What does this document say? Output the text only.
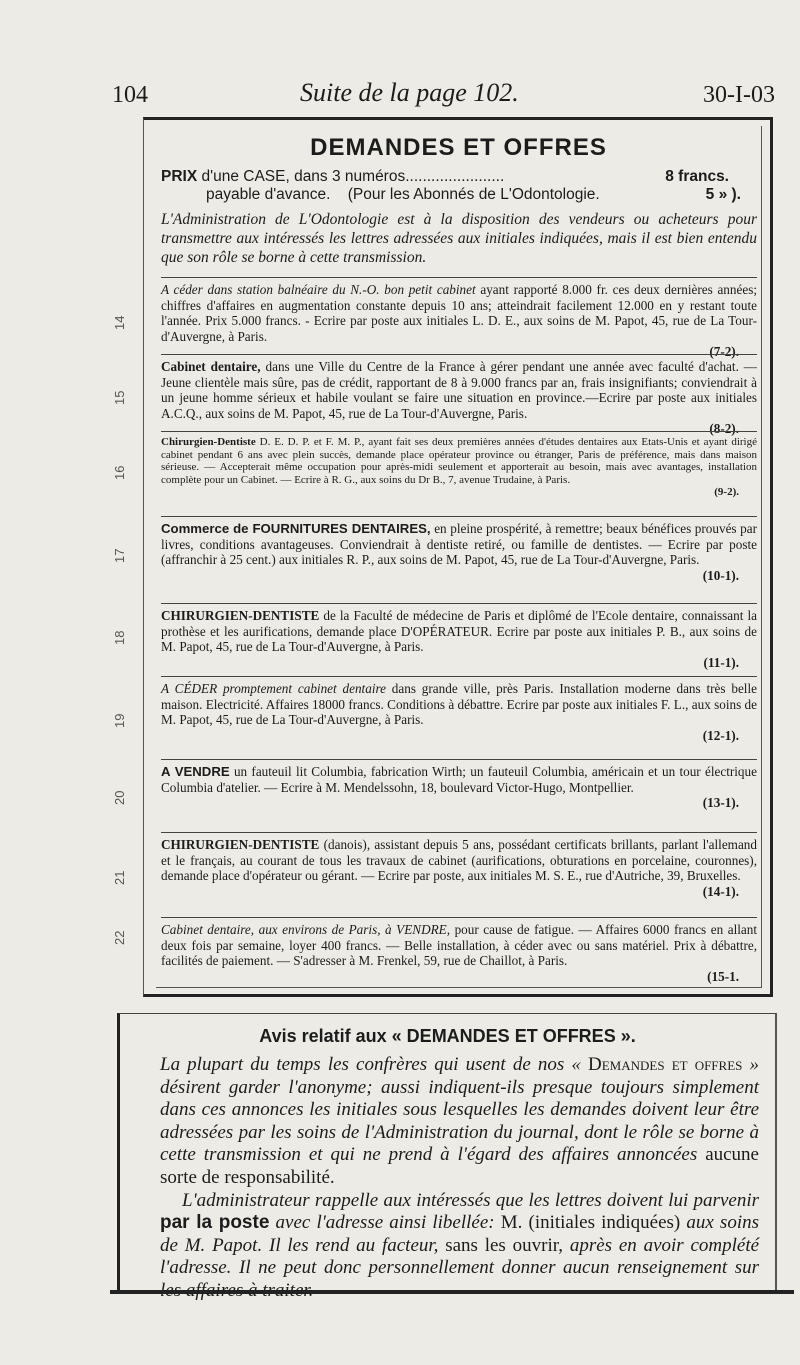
104	Suite de la page 102.	30-I-03
14
15
16
17
18
19
20
21
22
DEMANDES ET OFFRES
PRIX d'une CASE, dans 3 numéros.......................	8 francs.
payable d'avance. (Pour les Abonnés de L'Odontologie.	5 » ).
L'Administration de L'Odontologie est à la disposition des vendeurs ou acheteurs pour transmettre aux intéressés les lettres adressées aux initiales indiquées, mais il est bien entendu que son rôle se borne à cette transmission.
A céder dans station balnéaire du N.-O. bon petit cabinet ayant rapporté 8.000 fr. ces deux dernières années; chiffres d'affaires en augmentation constante depuis 10 ans; atteindrait facilement 12.000 en y restant toute l'année. Prix 5.000 francs. - Ecrire par poste aux initiales L. D. E., aux soins de M. Papot, 45, rue de La Tour-d'Auvergne, à Paris.
(7-2).
Cabinet dentaire, dans une Ville du Centre de la France à gérer pendant une année avec faculté d'achat. — Jeune clientèle mais sûre, pas de crédit, rapportant de 8 à 9.000 francs par an, frais insignifiants; conviendrait à un jeune homme sérieux et habile voulant se faire une situation en province.—Ecrire par poste aux initiales A.C.Q., aux soins de M. Papot, 45, rue de La Tour-d'Auvergne, Paris.
(8-2).
Chirurgien-Dentiste D. E. D. P. et F. M. P., ayant fait ses deux premières années d'études dentaires aux Etats-Unis et ayant dirigé cabinet pendant 6 ans avec plein succès, demande place opérateur province ou étranger, Paris de préférence, mais dans maison sérieuse. — Accepterait même occupation pour après-midi seulement et apporterait au besoin, mais avec avantages, installation complète pour un Cabinet. — Ecrire à R. G., aux soins du Dr B., 7, avenue Trudaine, à Paris.
(9-2).
Commerce de FOURNITURES DENTAIRES, en pleine prospérité, à remettre; beaux bénéfices prouvés par livres, conditions avantageuses. Conviendrait à dentiste retiré, ou famille de dentistes. — Ecrire par poste (affranchir à 25 cent.) aux initiales R. P., aux soins de M. Papot, 45, rue de La Tour-d'Auvergne, Paris.
(10-1).
CHIRURGIEN-DENTISTE de la Faculté de médecine de Paris et diplômé de l'Ecole dentaire, connaissant la prothèse et les aurifications, demande place D'OPÉRATEUR. Ecrire par poste aux initiales P. B., aux soins de M. Papot, 45, rue de La Tour-d'Auvergne, à Paris.
(11-1).
A CÉDER promptement cabinet dentaire dans grande ville, près Paris. Installation moderne dans très belle maison. Electricité. Affaires 18000 francs. Conditions à débattre. Ecrire par poste aux initiales F. L., aux soins de M. Papot, 45, rue de La Tour-d'Auvergne, à Paris.
(12-1).
A VENDRE un fauteuil lit Columbia, fabrication Wirth; un fauteuil Columbia, américain et un tour électrique Columbia d'atelier. — Ecrire à M. Mendelssohn, 18, boulevard Victor-Hugo, Montpellier.
(13-1).
CHIRURGIEN-DENTISTE (danois), assistant depuis 5 ans, possédant certificats brillants, parlant l'allemand et le français, au courant de tous les travaux de cabinet (aurifications, obturations en porcelaine, couronnes), demande place d'opérateur ou gérant. — Ecrire par poste, aux initiales M. S. E., rue d'Autriche, 39, Bruxelles.
(14-1).
Cabinet dentaire, aux environs de Paris, à VENDRE, pour cause de fatigue. — Affaires 6000 francs en allant deux fois par semaine, loyer 400 francs. — Belle installation, à céder avec ou sans matériel. Prix à débattre, facilités de paiement. — S'adresser à M. Frenkel, 59, rue de Chaillot, à Paris.
(15-1.
Avis relatif aux « DEMANDES ET OFFRES ».

La plupart du temps les confrères qui usent de nos « Demandes et offres » désirent garder l'anonyme; aussi indiquent-ils presque toujours simplement dans ces annonces les initiales sous lesquelles les demandes doivent leur être adressées par les soins de l'Administration du journal, dont le rôle se borne à cette transmission et qui ne prend à l'égard des affaires annoncées aucune sorte de responsabilité.

L'administrateur rappelle aux intéressés que les lettres doivent lui parvenir par la poste avec l'adresse ainsi libellée: M. (initiales indiquées) aux soins de M. Papot. Il les rend au facteur, sans les ouvrir, après en avoir complété l'adresse. Il ne peut donc personnellement donner aucun renseignement sur
